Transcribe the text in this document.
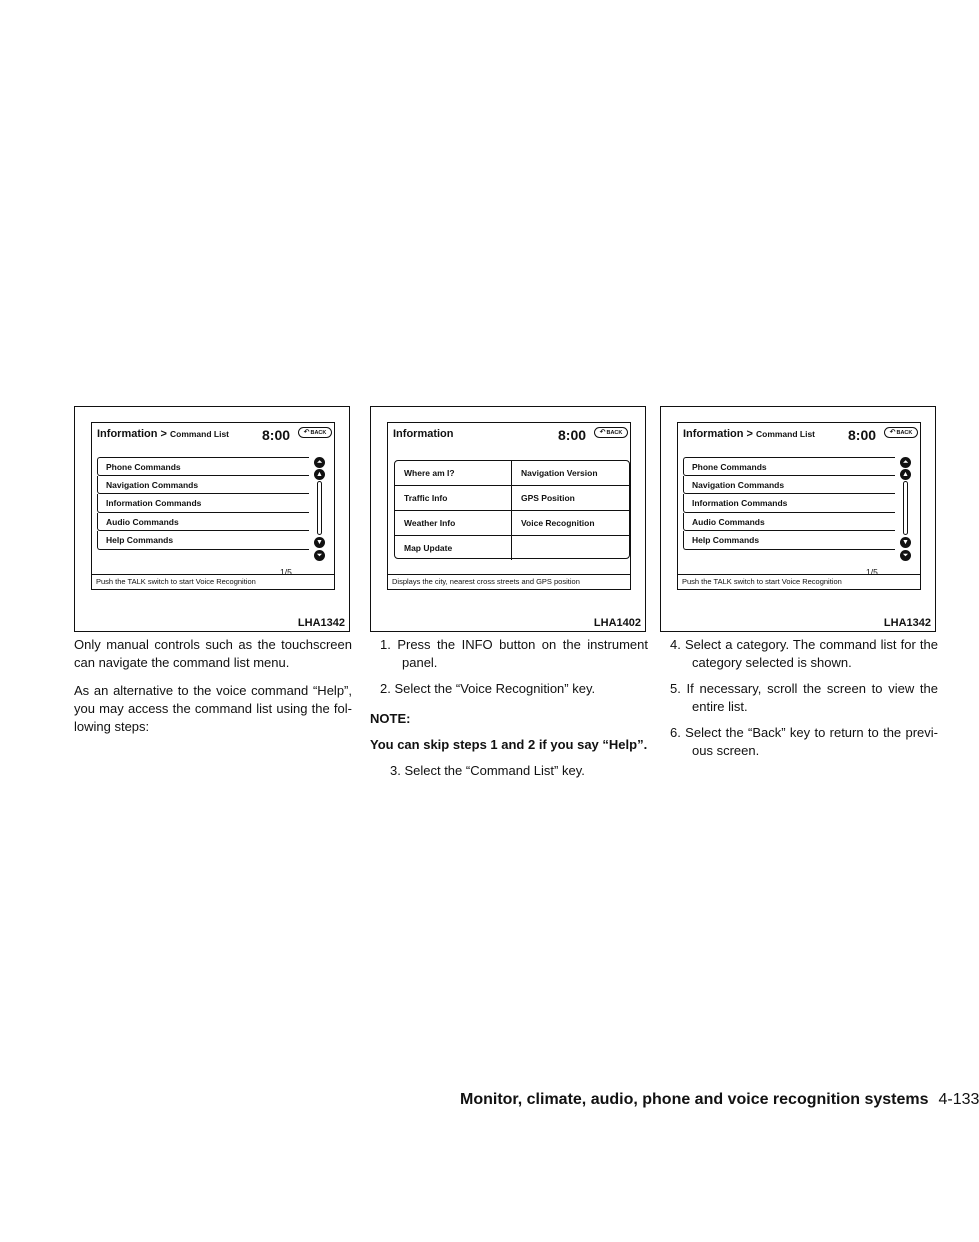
Information > Command List 8:00	↶BACK
Phone Commands
Navigation Commands
Information Commands
Audio Commands
Help Commands
⏶
▲
▼
⏷
1/5
Push the TALK switch to start Voice Recognition
LHA1342
Information	8:00	↶BACK
Where am I?	Navigation Version
Traffic Info	GPS Position
Weather Info	Voice Recognition
Map Update
Displays the city, nearest cross streets and GPS position
LHA1402
Information > Command List 8:00	↶BACK
Phone Commands
Navigation Commands
Information Commands
Audio Commands
Help Commands
⏶
▲
▼
⏷
1/5
Push the TALK switch to start Voice Recognition
LHA1342

Only manual controls such as the touchscreen can navigate the command list menu.

As an alternative to the voice command “Help”, you may access the command list using the fol-lowing steps:

1. Press the INFO button on the instrument panel.
2. Select the “Voice Recognition” key.
NOTE:
You can skip steps 1 and 2 if you say “Help”.
3. Select the “Command List” key.
4. Select a category. The command list for the category selected is shown.
5. If necessary, scroll the screen to view the entire list.
6. Select the “Back” key to return to the previ-ous screen.
Monitor, climate, audio, phone and voice recognition systems 4-133
